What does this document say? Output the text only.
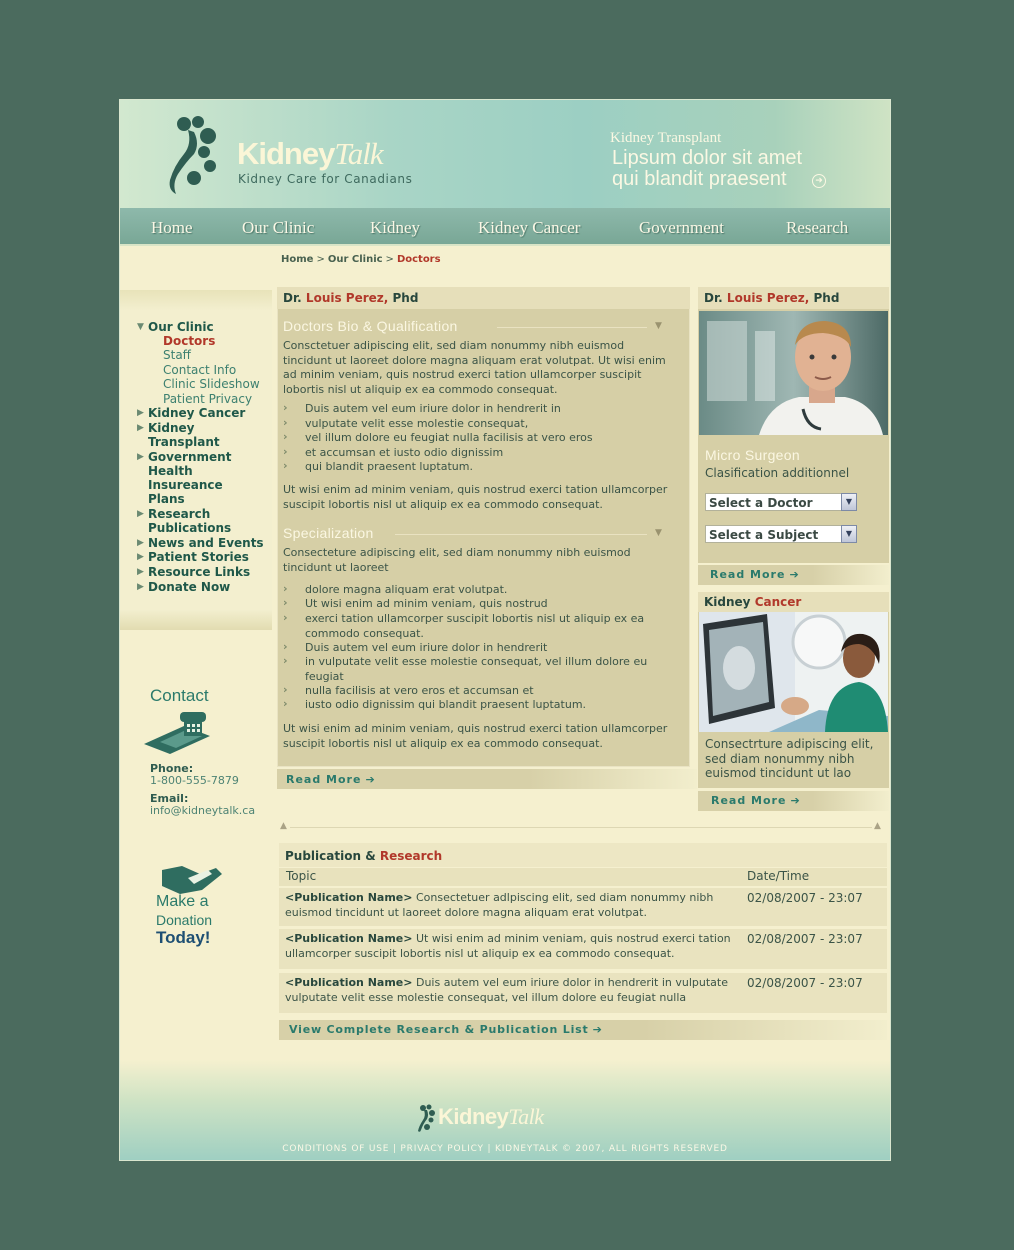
KidneyTalk
Kidney Care for Canadians
Kidney Transplant
Lipsum dolor sit amet
qui blandit praesent	➜
Home	Our Clinic	Kidney	Kidney Cancer	Government	Research
Home > Our Clinic > Doctors
▼ Our Clinic
Doctors
Staff
Contact Info
Clinic Slideshow
Patient Privacy
▶ Kidney Cancer
▶ Kidney
Transplant
▶ Government
Health
Insureance
Plans
▶ Research
Publications
▶ News and Events
▶ Patient Stories
▶ Resource Links
▶ Donate Now
Contact
Phone:
1-800-555-7879
Email:
info@kidneytalk.ca
Make a
Donation
Today!
Dr. Louis Perez, Phd
Doctors Bio & Qualification	▼
Consctetuer adipiscing elit, sed diam nonummy nibh euismod tincidunt ut laoreet dolore magna aliquam erat volutpat. Ut wisi enim ad minim veniam, quis nostrud exerci tation ullamcorper suscipit lobortis nisl ut aliquip ex ea commodo consequat.
› Duis autem vel eum iriure dolor in hendrerit in
› vulputate velit esse molestie consequat,
› vel illum dolore eu feugiat nulla facilisis at vero eros
› et accumsan et iusto odio dignissim
› qui blandit praesent luptatum.
Ut wisi enim ad minim veniam, quis nostrud exerci tation ullamcorper suscipit lobortis nisl ut aliquip ex ea commodo consequat.
Specialization	▼
Consecteture adipiscing elit, sed diam nonummy nibh euismod tincidunt ut laoreet
› dolore magna aliquam erat volutpat.
› Ut wisi enim ad minim veniam, quis nostrud
› exerci tation ullamcorper suscipit lobortis nisl ut aliquip ex ea commodo consequat.
› Duis autem vel eum iriure dolor in hendrerit
› in vulputate velit esse molestie consequat, vel illum dolore eu feugiat
› nulla facilisis at vero eros et accumsan et
› iusto odio dignissim qui blandit praesent luptatum.
Ut wisi enim ad minim veniam, quis nostrud exerci tation ullamcorper suscipit lobortis nisl ut aliquip ex ea commodo consequat.
Read More ➔
Dr. Louis Perez, Phd
Micro Surgeon
Clasification additionnel
Select a Doctor	▼
Select a Subject	▼
Read More ➔
Kidney Cancer
Consectrture adipiscing elit, sed diam nonummy nibh euismod tincidunt ut lao
Read More ➔
▲	▲
Publication & Research
Topic	Date/Time
<Publication Name> Consectetuer adlpiscing elit, sed diam nonummy nibh euismod tincidunt ut laoreet dolore magna aliquam erat volutpat.
02/08/2007 - 23:07
<Publication Name> Ut wisi enim ad minim veniam, quis nostrud exerci tation ullamcorper suscipit lobortis nisl ut aliquip ex ea commodo consequat.
02/08/2007 - 23:07
<Publication Name> Duis autem vel eum iriure dolor in hendrerit in vulputate vulputate velit esse molestie consequat, vel illum dolore eu feugiat nulla
02/08/2007 - 23:07
View Complete Research & Publication List ➔
KidneyTalk
CONDITIONS OF USE | PRIVACY POLICY | KIDNEYTALK © 2007, ALL RIGHTS RESERVED
